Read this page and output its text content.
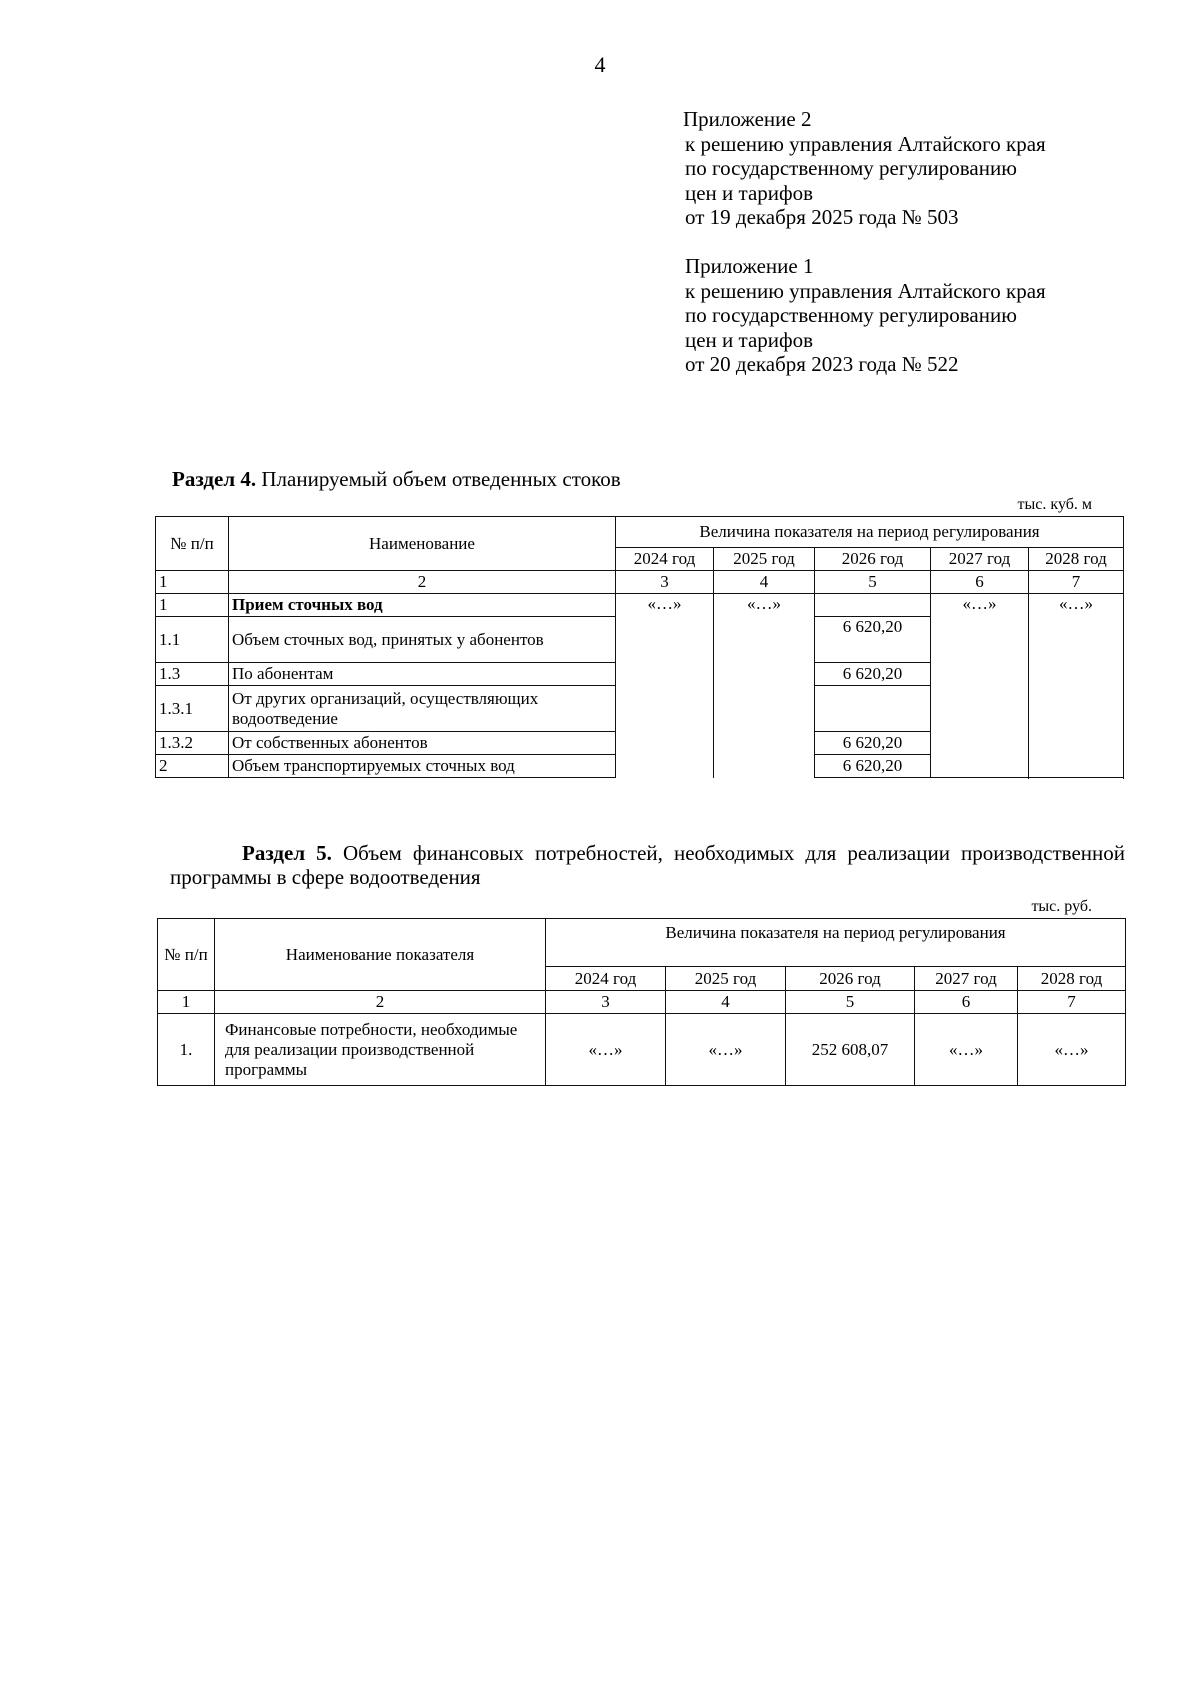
4
Приложение 2
к решению управления Алтайского края
по государственному регулированию
цен и тарифов
от 19 декабря 2025 года № 503
Приложение 1
к решению управления Алтайского края
по государственному регулированию
цен и тарифов
от 20 декабря 2023 года № 522
Раздел 4. Планируемый объем отведенных стоков
тыс. куб. м
№ п/п	Наименование	Величина показателя на период регулирования				
		2024 год	2025 год	2026 год	2027 год	2028 год
1	2	3	4	5	6	7
1	Прием сточных вод	«…»	«…»		«…»	«…»
1.1	Объем сточных вод, принятых у абонентов			6 620,20		
1.3	По абонентам			6 620,20		
1.3.1	От других организаций, осуществляющих водоотведение					
1.3.2	От собственных абонентов			6 620,20		
2	Объем транспортируемых сточных вод			6 620,20		

Раздел 5. Объем финансовых потребностей, необходимых для реализации производственной программы в сфере водоотведения
тыс. руб.
№ п/п	Наименование показателя	Величина показателя на период регулирования				
		2024 год	2025 год	2026 год	2027 год	2028 год
1	2	3	4	5	6	7
1.	Финансовые потребности, необходимые для реализации производственной программы	«…»	«…»	252 608,07	«…»	«…»
